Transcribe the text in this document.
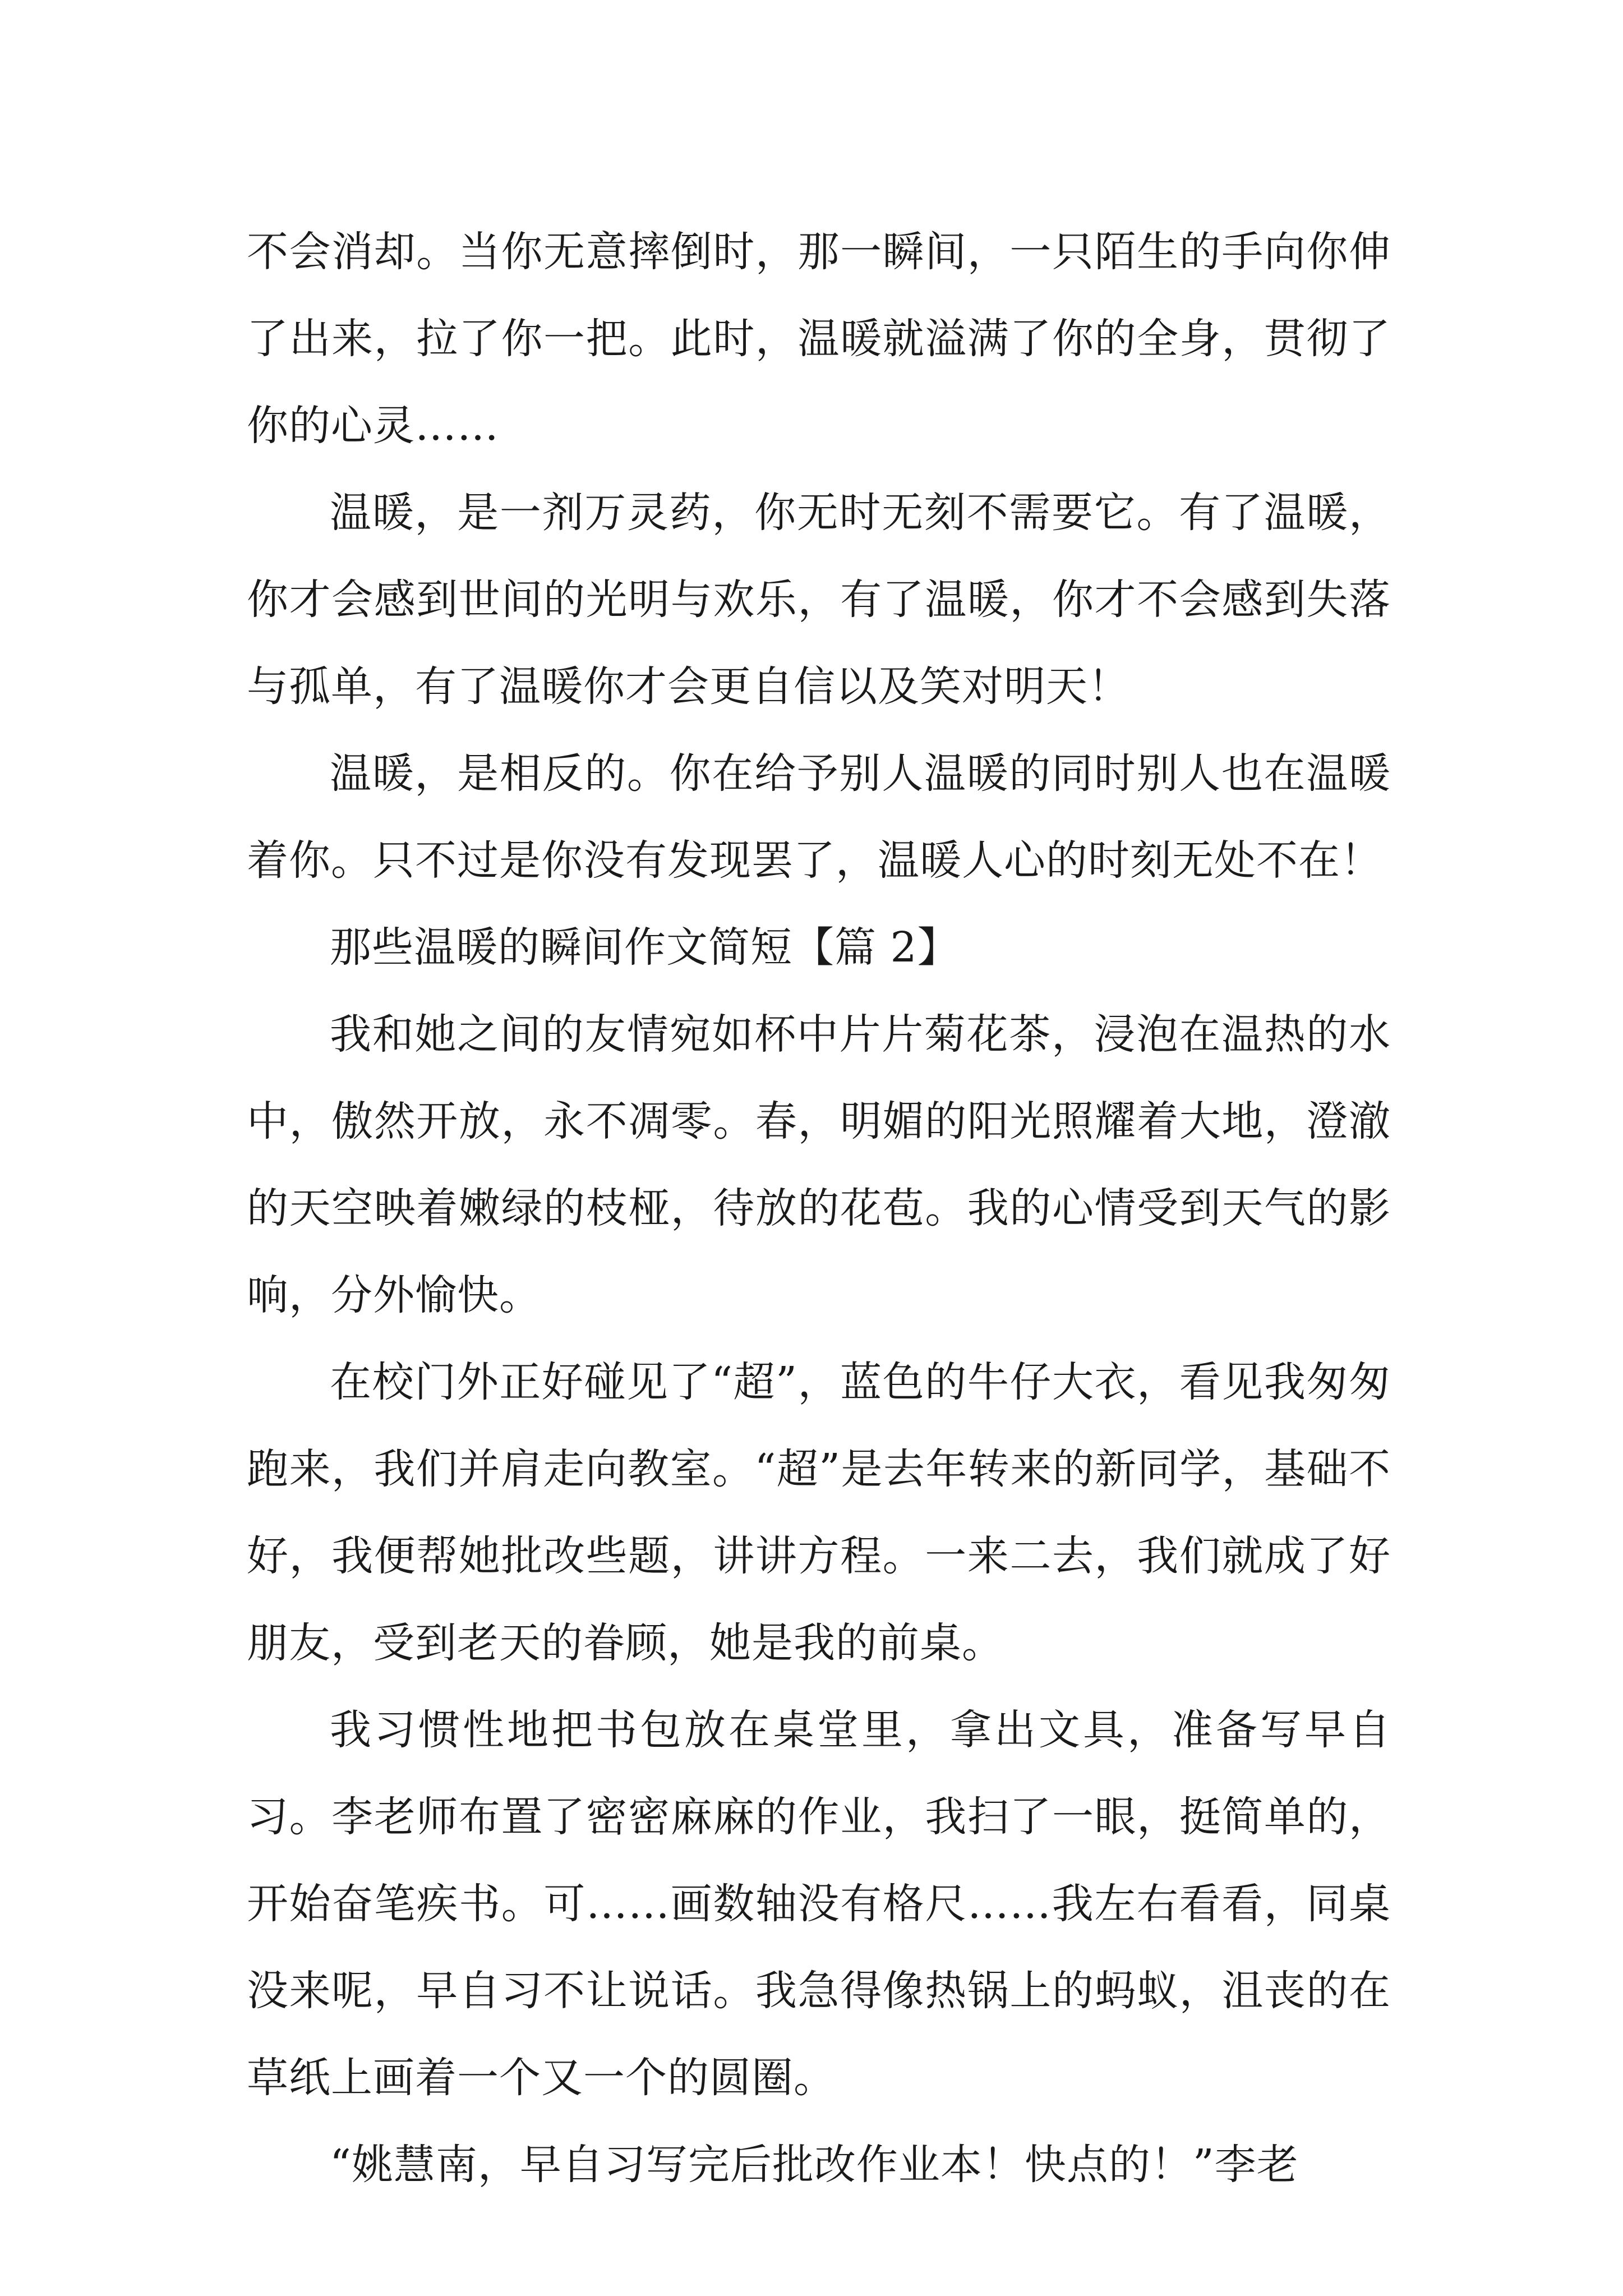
不会消却。当你无意摔倒时，那一瞬间，一只陌生的手向你伸了出来，拉了你一把。此时，温暖就溢满了你的全身，贯彻了你的心灵……

温暖，是一剂万灵药，你无时无刻不需要它。有了温暖，你才会感到世间的光明与欢乐，有了温暖，你才不会感到失落与孤单，有了温暖你才会更自信以及笑对明天！

温暖，是相反的。你在给予别人温暖的同时别人也在温暖着你。只不过是你没有发现罢了，温暖人心的时刻无处不在！

那些温暖的瞬间作文简短【篇 2】

我和她之间的友情宛如杯中片片菊花茶，浸泡在温热的水中，傲然开放，永不凋零。春，明媚的阳光照耀着大地，澄澈的天空映着嫩绿的枝桠，待放的花苞。我的心情受到天气的影响，分外愉快。

在校门外正好碰见了“超”，蓝色的牛仔大衣，看见我匆匆跑来，我们并肩走向教室。“超”是去年转来的新同学，基础不好，我便帮她批改些题，讲讲方程。一来二去，我们就成了好朋友，受到老天的眷顾，她是我的前桌。

我习惯性地把书包放在桌堂里，拿出文具，准备写早自习。李老师布置了密密麻麻的作业，我扫了一眼，挺简单的，开始奋笔疾书。可……画数轴没有格尺……我左右看看，同桌没来呢，早自习不让说话。我急得像热锅上的蚂蚁，沮丧的在草纸上画着一个又一个的圆圈。

“姚慧南，早自习写完后批改作业本！快点的！”李老
